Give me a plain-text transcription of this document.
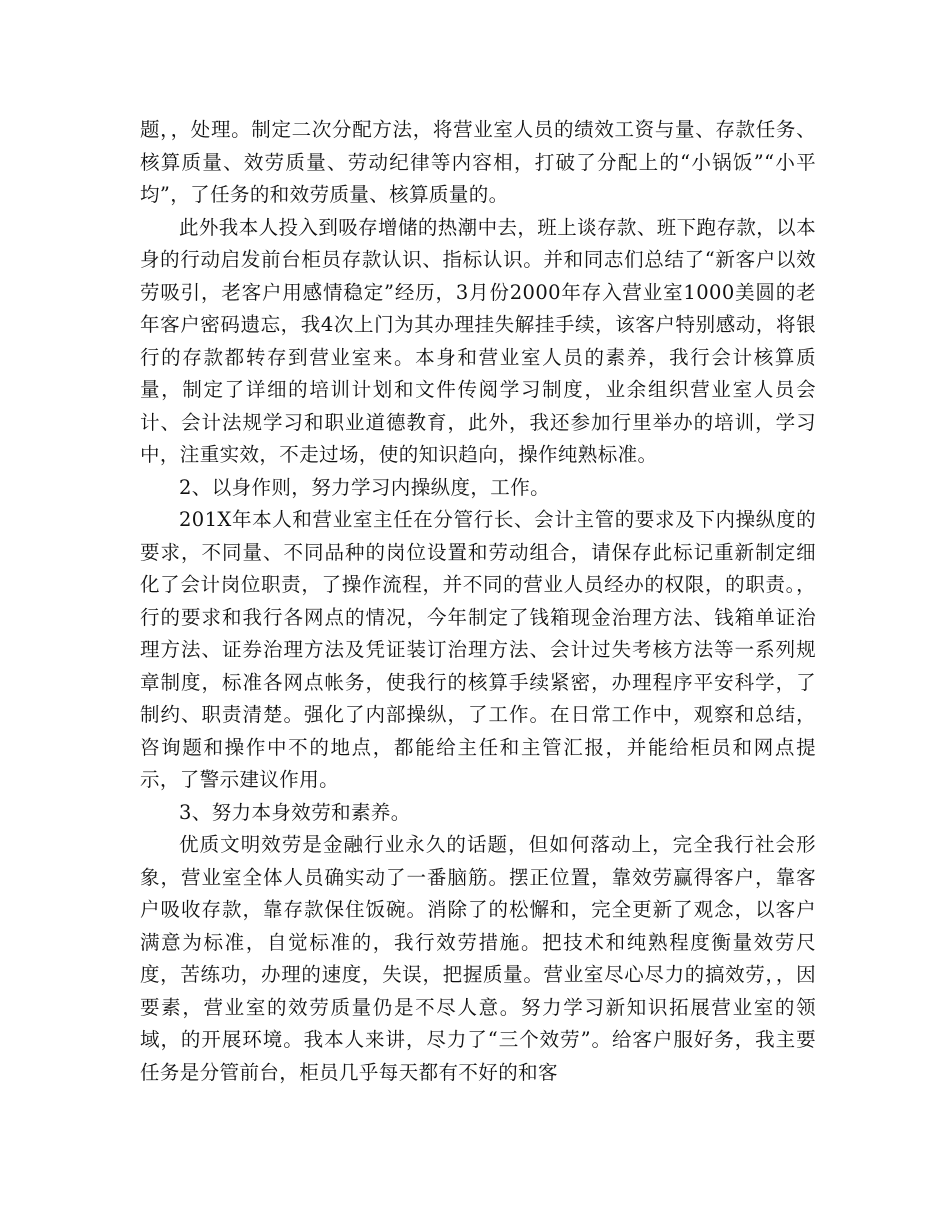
题，，处理。制定二次分配方法，将营业室人员的绩效工资与量、存款任务、核算质量、效劳质量、劳动纪律等内容相，打破了分配上的“小锅饭”“小平均”，了任务的和效劳质量、核算质量的。

此外我本人投入到吸存增储的热潮中去，班上谈存款、班下跑存款，以本身的行动启发前台柜员存款认识、指标认识。并和同志们总结了“新客户以效劳吸引，老客户用感情稳定”经历，3月份2000年存入营业室1000美圆的老年客户密码遗忘，我4次上门为其办理挂失解挂手续，该客户特别感动，将银行的存款都转存到营业室来。本身和营业室人员的素养，我行会计核算质量，制定了详细的培训计划和文件传阅学习制度，业余组织营业室人员会计、会计法规学习和职业道德教育，此外，我还参加行里举办的培训，学习中，注重实效，不走过场，使的知识趋向，操作纯熟标准。

2、以身作则，努力学习内操纵度，工作。

201X年本人和营业室主任在分管行长、会计主管的要求及下内操纵度的要求，不同量、不同品种的岗位设置和劳动组合，请保存此标记重新制定细化了会计岗位职责，了操作流程，并不同的营业人员经办的权限，的职责。，行的要求和我行各网点的情况，今年制定了钱箱现金治理方法、钱箱单证治理方法、证券治理方法及凭证装订治理方法、会计过失考核方法等一系列规章制度，标准各网点帐务，使我行的核算手续紧密，办理程序平安科学，了制约、职责清楚。强化了内部操纵，了工作。在日常工作中，观察和总结，咨询题和操作中不的地点，都能给主任和主管汇报，并能给柜员和网点提示，了警示建议作用。

3、努力本身效劳和素养。

优质文明效劳是金融行业永久的话题，但如何落动上，完全我行社会形象，营业室全体人员确实动了一番脑筋。摆正位置，靠效劳赢得客户，靠客户吸收存款，靠存款保住饭碗。消除了的松懈和，完全更新了观念，以客户满意为标准，自觉标准的，我行效劳措施。把技术和纯熟程度衡量效劳尺度，苦练功，办理的速度，失误，把握质量。营业室尽心尽力的搞效劳，，因要素，营业室的效劳质量仍是不尽人意。努力学习新知识拓展营业室的领域，的开展环境。我本人来讲，尽力了“三个效劳”。给客户服好务，我主要任务是分管前台，柜员几乎每天都有不好的和客
